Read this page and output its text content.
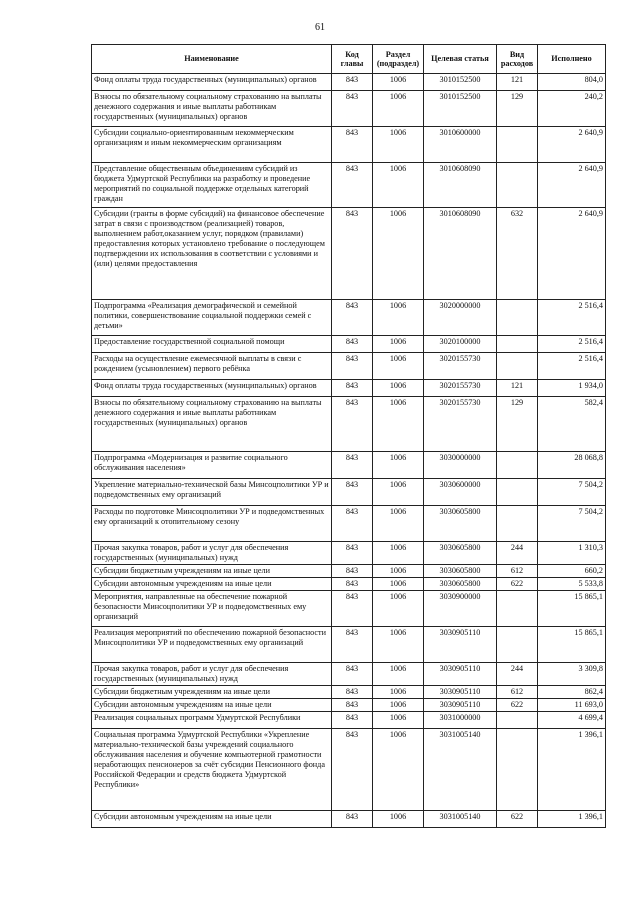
61
Наименование	Код главы	Раздел (подраздел)	Целевая статья	Вид расходов	Исполнено
Фонд оплаты труда государственных (муниципальных) органов	843	1006	3010152500	121	804,0
Взносы по обязательному социальному страхованию на выплаты денежного содержания и иные выплаты работникам государственных (муниципальных) органов	843	1006	3010152500	129	240,2
Субсидии социально-ориентированным некоммерческим организациям и иным некоммерческим организациям	843	1006	3010600000		2 640,9
Представление общественным объединениям субсидий из бюджета Удмуртской Республики на разработку и проведение мероприятий по социальной поддержке отдельных категорий граждан	843	1006	3010608090		2 640,9
Субсидии (гранты в форме субсидий) на финансовое обеспечение затрат в связи с производством (реализацией) товаров, выполнением работ,оказанием услуг, порядком (правилами) предоставления которых установлено требование о последующем подтверждении их использования в соответствии с условиями и (или) целями предоставления	843	1006	3010608090	632	2 640,9
Подпрограмма «Реализация демографической и семейной политики, совершенствование социальной поддержки семей с детьми»	843	1006	3020000000		2 516,4
Предоставление государственной социальной помощи	843	1006	3020100000		2 516,4
Расходы на осуществление ежемесячной выплаты в связи с рождением (усыновлением) первого ребёнка	843	1006	3020155730		2 516,4
Фонд оплаты труда государственных (муниципальных) органов	843	1006	3020155730	121	1 934,0
Взносы по обязательному социальному страхованию на выплаты денежного содержания и иные выплаты работникам государственных (муниципальных) органов	843	1006	3020155730	129	582,4
Подпрограмма «Модернизация и развитие социального обслуживания населения»	843	1006	3030000000		28 068,8
Укрепление материально-технической базы Минсоцполитики УР и подведомственных ему организаций	843	1006	3030600000		7 504,2
Расходы по подготовке Минсоцполитики УР и подведомственных ему организаций к отопительному сезону	843	1006	3030605800		7 504,2
Прочая закупка товаров, работ и услуг для обеспечения государственных (муниципальных) нужд	843	1006	3030605800	244	1 310,3
Субсидии бюджетным учреждениям на иные цели	843	1006	3030605800	612	660,2
Субсидии автономным учреждениям на иные цели	843	1006	3030605800	622	5 533,8
Мероприятия, направленные на обеспечение пожарной безопасности Минсоцполитики УР и подведомственных ему организаций	843	1006	3030900000		15 865,1
Реализация мероприятий по обеспечению пожарной безопасности Минсоцполитики УР и подведомственных ему организаций	843	1006	3030905110		15 865,1
Прочая закупка товаров, работ и услуг для обеспечения государственных (муниципальных) нужд	843	1006	3030905110	244	3 309,8
Субсидии бюджетным учреждениям на иные цели	843	1006	3030905110	612	862,4
Субсидии автономным учреждениям на иные цели	843	1006	3030905110	622	11 693,0
Реализация социальных программ Удмуртской Республики	843	1006	3031000000		4 699,4
Социальная программа Удмуртской Республики «Укрепление материально-технической базы учреждений социального обслуживания населения и обучение компьютерной грамотности неработающих пенсионеров за счёт субсидии Пенсионного фонда Российской Федерации и средств бюджета Удмуртской Республики»	843	1006	3031005140		1 396,1
Субсидии автономным учреждениям на иные цели	843	1006	3031005140	622	1 396,1
